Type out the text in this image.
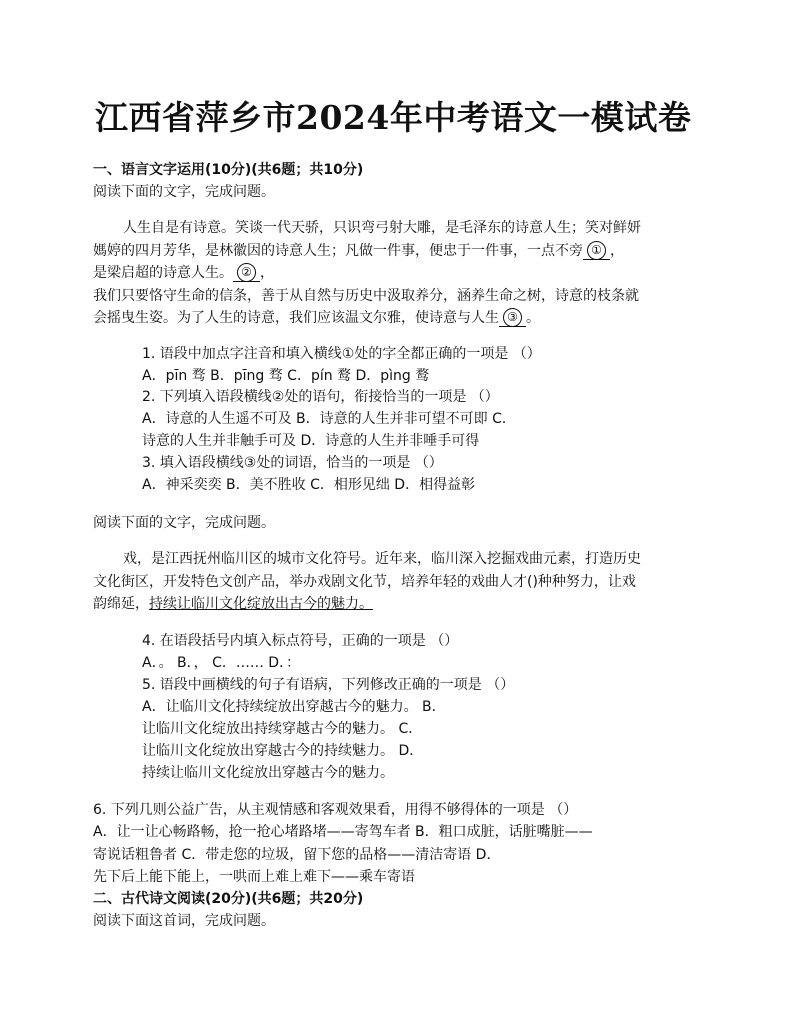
江西省萍乡市2024年中考语文一模试卷
一、语言文字运用(10分)(共6题；共10分)
阅读下面的文字，完成问题。
人生自是有诗意。笑谈一代天骄，只识弯弓射大雕，是毛泽东的诗意人生；笑对鲜妍
媽婷的四月芳华，是林徽因的诗意人生；凡做一件事，便忠于一件事，一点不旁 ① ，
是梁启超的诗意人生。 ② ，
我们只要恪守生命的信条，善于从自然与历史中汲取养分，涵养生命之树，诗意的枝条就
会摇曳生姿。为了人生的诗意，我们应该温文尔雅，使诗意与人生 ③ 。
1. 语段中加点字注音和填入横线①处的字全都正确的一项是 （）
A．pīn 骛 B．pīng 骛 C．pín 鹜 D．pìng 鹜
2. 下列填入语段横线②处的语句，衔接恰当的一项是 （）
A．诗意的人生遥不可及 B．诗意的人生并非可望不可即 C．
诗意的人生并非触手可及 D．诗意的人生并非唾手可得
3. 填入语段横线③处的词语，恰当的一项是 （）
A．神采奕奕 B．美不胜收 C．相形见绌 D．相得益彰
阅读下面的文字，完成问题。
戏，是江西抚州临川区的城市文化符号。近年来，临川深入挖掘戏曲元素，打造历史
文化街区，开发特色文创产品，举办戏剧文化节，培养年轻的戏曲人才()种种努力，让戏
韵绵延，持续让临川文化绽放出古今的魅力。
4. 在语段括号内填入标点符号，正确的一项是 （）
A．。 B．， C．…… D．：
5. 语段中画横线的句子有语病，下列修改正确的一项是 （）
A．让临川文化持续绽放出穿越古今的魅力。 B．
让临川文化绽放出持续穿越古今的魅力。 C．
让临川文化绽放出穿越古今的持续魅力。 D．
持续让临川文化绽放出穿越古今的魅力。
6. 下列几则公益广告，从主观情感和客观效果看，用得不够得体的一项是 （）
A．让一让心畅路畅，抢一抢心堵路堵——寄驾车者 B．粗口成脏，话脏嘴脏——
寄说话粗鲁者 C．带走您的垃圾，留下您的品格——清洁寄语 D．
先下后上能下能上，一哄而上难上难下——乘车寄语
二、古代诗文阅读(20分)(共6题；共20分)
阅读下面这首词，完成问题。
